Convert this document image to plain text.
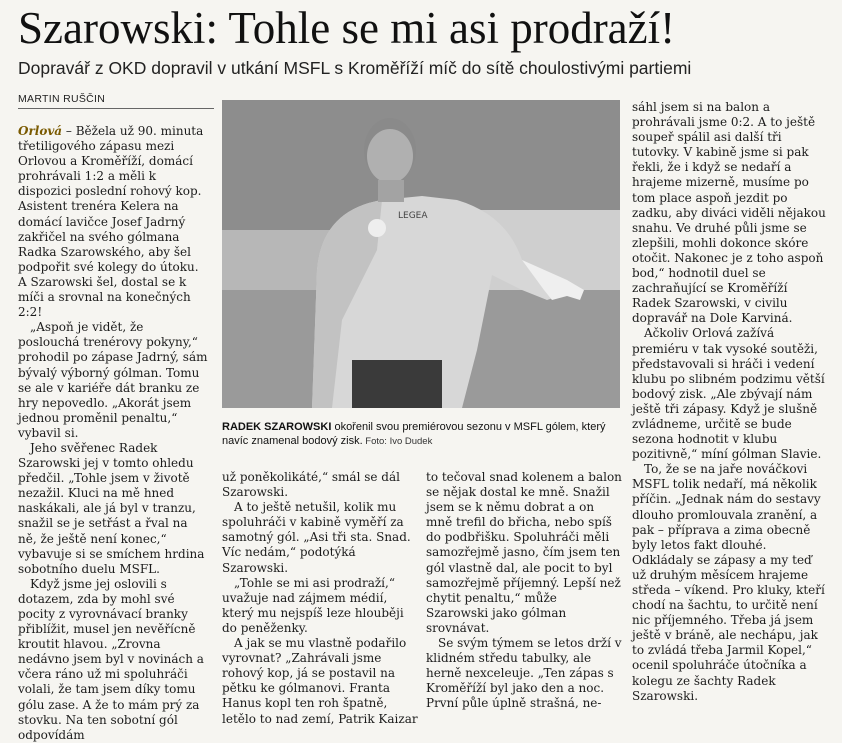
Szarowski: Tohle se mi asi prodraží!
Dopravář z OKD dopravil v utkání MSFL s Kroměříží míč do sítě choulostivými partiemi
MARTIN RUŠČIN

Orlová – Běžela už 90. minuta třetiligového zápasu mezi Orlovou a Kroměříží, domácí prohrávali 1:2 a měli k dispozici poslední rohový kop. Asistent trenéra Kelera na domácí lavičce Josef Jadrný zakřičel na svého gólmana Radka Szarowského, aby šel podpořit své kolegy do útoku. A Szarowski šel, dostal se k míči a srovnal na konečných 2:2!

„Aspoň je vidět, že poslouchá trenérovy pokyny,“ prohodil po zápase Jadrný, sám bývalý výborný gólman. Tomu se ale v kariéře dát branku ze hry nepovedlo. „Akorát jsem jednou proměnil penaltu,“ vybavil si.

Jeho svěřenec Radek Szarowski jej v tomto ohledu předčil. „Tohle jsem v životě nezažil. Kluci na mě hned naskákali, ale já byl v tranzu, snažil se je setřást a řval na ně, že ještě není konec,“ vybavuje si se smíchem hrdina sobotního duelu MSFL.

Když jsme jej oslovili s dotazem, zda by mohl své pocity z vyrovnávací branky přiblížit, musel jen nevěřícně kroutit hlavou. „Zrovna nedávno jsem byl v novinách a včera ráno už mi spoluhráči volali, že tam jsem díky tomu gólu zase. A že to mám prý za stovku. Na ten sobotní gól odpovídám

LEGEA
RADEK SZAROWSKI okořenil svou premiérovou sezonu v MSFL gólem, který navíc znamenal bodový zisk. Foto: Ivo Dudek

už poněkolikáté,“ smál se dál Szarowski.

A to ještě netušil, kolik mu spoluhráči v kabině vyměří za samotný gól. „Asi tři sta. Snad. Víc nedám,“ podotýká Szarowski.

„Tohle se mi asi prodraží,“ uvažuje nad zájmem médií, který mu nejspíš leze hlouběji do peněženky.

A jak se mu vlastně podařilo vyrovnat? „Zahrávali jsme rohový kop, já se postavil na pětku ke gólmanovi. Franta Hanus kopl ten roh špatně, letělo to nad zemí, Patrik Kaizar

to tečoval snad kolenem a balon se nějak dostal ke mně. Snažil jsem se k němu dobrat a on mně trefil do břicha, nebo spíš do podbřišku. Spoluhráči měli samozřejmě jasno, čím jsem ten gól vlastně dal, ale pocit to byl samozřejmě příjemný. Lepší než chytit penaltu,“ může Szarowski jako gólman srovnávat.

Se svým týmem se letos drží v klidném středu tabulky, ale herně nexceleuje. „Ten zápas s Kroměříží byl jako den a noc. První půle úplně strašná, ne-

sáhl jsem si na balon a prohrávali jsme 0:2. A to ještě soupeř spálil asi další tři tutovky. V kabině jsme si pak řekli, že i když se nedaří a hrajeme mizerně, musíme po tom place aspoň jezdit po zadku, aby diváci viděli nějakou snahu. Ve druhé půli jsme se zlepšili, mohli dokonce skóre otočit. Nakonec je z toho aspoň bod,“ hodnotil duel se zachraňující se Kroměříží Radek Szarowski, v civilu dopravář na Dole Karviná.

Ačkoliv Orlová zažívá premiéru v tak vysoké soutěži, představovali si hráči i vedení klubu po slibném podzimu větší bodový zisk. „Ale zbývají nám ještě tři zápasy. Když je slušně zvládneme, určitě se bude sezona hodnotit v klubu pozitivně,“ míní gólman Slavie.

To, že se na jaře nováčkovi MSFL tolik nedaří, má několik příčin. „Jednak nám do sestavy dlouho promlouvala zranění, a pak – příprava a zima obecně byly letos fakt dlouhé. Odkládaly se zápasy a my teď už druhým měsícem hrajeme středa – víkend. Pro kluky, kteří chodí na šachtu, to určitě není nic příjemného. Třeba já jsem ještě v bráně, ale nechápu, jak to zvládá třeba Jarmil Kopel,“ ocenil spoluhráče útočníka a kolegu ze šachty Radek Szarowski.
